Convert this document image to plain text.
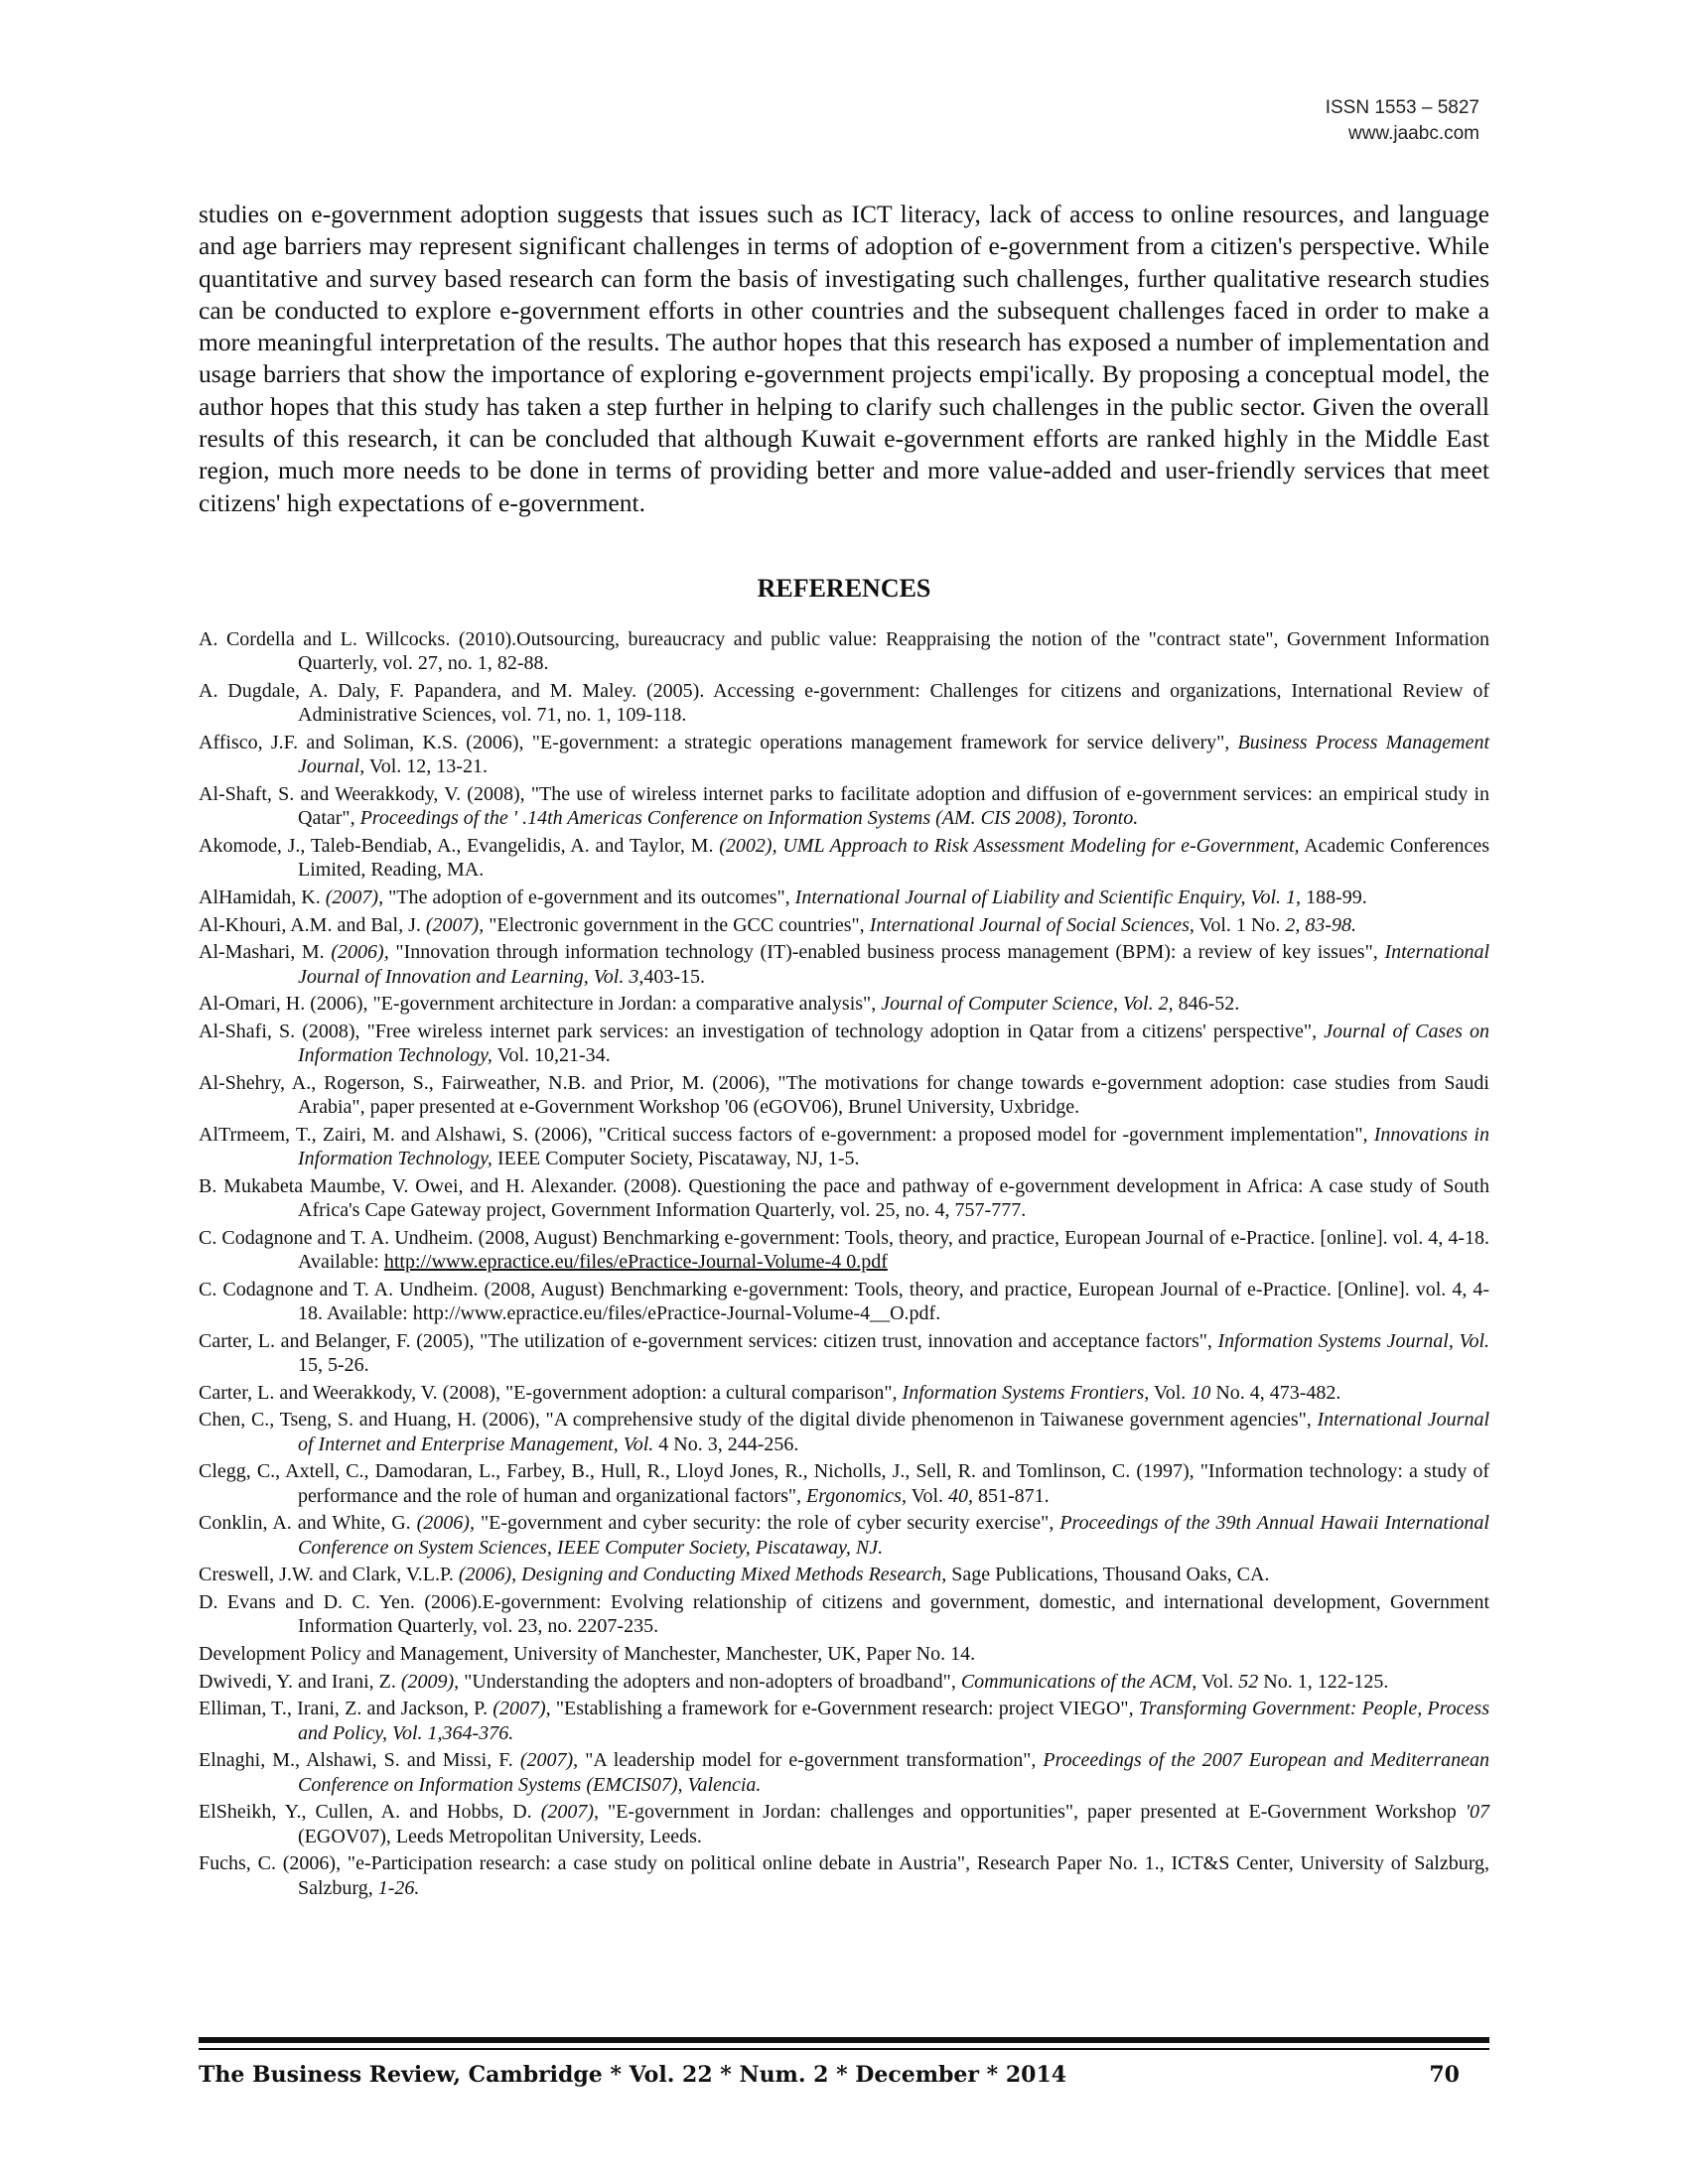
ISSN 1553 – 5827
www.jaabc.com
studies on e-government adoption suggests that issues such as ICT literacy, lack of access to online resources, and language and age barriers may represent significant challenges in terms of adoption of e-government from a citizen's perspective. While quantitative and survey based research can form the basis of investigating such challenges, further qualitative research studies can be conducted to explore e-government efforts in other countries and the subsequent challenges faced in order to make a more meaningful interpretation of the results. The author hopes that this research has exposed a number of implementation and usage barriers that show the importance of exploring e-government projects empi'ically. By proposing a conceptual model, the author hopes that this study has taken a step further in helping to clarify such challenges in the public sector. Given the overall results of this research, it can be concluded that although Kuwait e-government efforts are ranked highly in the Middle East region, much more needs to be done in terms of providing better and more value-added and user-friendly services that meet citizens' high expectations of e-government.
REFERENCES
A. Cordella and L. Willcocks. (2010).Outsourcing, bureaucracy and public value: Reappraising the notion of the "contract state", Government Information Quarterly, vol. 27, no. 1, 82-88.
A. Dugdale, A. Daly, F. Papandera, and M. Maley. (2005). Accessing e-government: Challenges for citizens and organizations, International Review of Administrative Sciences, vol. 71, no. 1, 109-118.
Affisco, J.F. and Soliman, K.S. (2006), "E-government: a strategic operations management framework for service delivery", Business Process Management Journal, Vol. 12, 13-21.
Al-Shaft, S. and Weerakkody, V. (2008), "The use of wireless internet parks to facilitate adoption and diffusion of e-government services: an empirical study in Qatar", Proceedings of the ' .14th Americas Conference on Information Systems (AM. CIS 2008), Toronto.
Akomode, J., Taleb-Bendiab, A., Evangelidis, A. and Taylor, M. (2002), UML Approach to Risk Assessment Modeling for e-Government, Academic Conferences Limited, Reading, MA.
AlHamidah, K. (2007), "The adoption of e-government and its outcomes", International Journal of Liability and Scientific Enquiry, Vol. 1, 188-99.
Al-Khouri, A.M. and Bal, J. (2007), "Electronic government in the GCC countries", International Journal of Social Sciences, Vol. 1 No. 2, 83-98.
Al-Mashari, M. (2006), "Innovation through information technology (IT)-enabled business process management (BPM): a review of key issues", International Journal of Innovation and Learning, Vol. 3,403-15.
Al-Omari, H. (2006), "E-government architecture in Jordan: a comparative analysis", Journal of Computer Science, Vol. 2, 846-52.
Al-Shafi, S. (2008), "Free wireless internet park services: an investigation of technology adoption in Qatar from a citizens' perspective", Journal of Cases on Information Technology, Vol. 10,21-34.
Al-Shehry, A., Rogerson, S., Fairweather, N.B. and Prior, M. (2006), "The motivations for change towards e-government adoption: case studies from Saudi Arabia", paper presented at e-Government Workshop '06 (eGOV06), Brunel University, Uxbridge.
AlTrmeem, T., Zairi, M. and Alshawi, S. (2006), "Critical success factors of e-government: a proposed model for -government implementation", Innovations in Information Technology, IEEE Computer Society, Piscataway, NJ, 1-5.
B. Mukabeta Maumbe, V. Owei, and H. Alexander. (2008). Questioning the pace and pathway of e-government development in Africa: A case study of South Africa's Cape Gateway project, Government Information Quarterly, vol. 25, no. 4, 757-777.
C. Codagnone and T. A. Undheim. (2008, August) Benchmarking e-government: Tools, theory, and practice, European Journal of e-Practice. [online]. vol. 4, 4-18. Available: http://www.epractice.eu/files/ePractice-Journal-Volume-4 0.pdf
C. Codagnone and T. A. Undheim. (2008, August) Benchmarking e-government: Tools, theory, and practice, European Journal of e-Practice. [Online]. vol. 4, 4-18. Available: http://www.epractice.eu/files/ePractice-Journal-Volume-4__O.pdf.
Carter, L. and Belanger, F. (2005), "The utilization of e-government services: citizen trust, innovation and acceptance factors", Information Systems Journal, Vol. 15, 5-26.
Carter, L. and Weerakkody, V. (2008), "E-government adoption: a cultural comparison", Information Systems Frontiers, Vol. 10 No. 4, 473-482.
Chen, C., Tseng, S. and Huang, H. (2006), "A comprehensive study of the digital divide phenomenon in Taiwanese government agencies", International Journal of Internet and Enterprise Management, Vol. 4 No. 3, 244-256.
Clegg, C., Axtell, C., Damodaran, L., Farbey, B., Hull, R., Lloyd Jones, R., Nicholls, J., Sell, R. and Tomlinson, C. (1997), "Information technology: a study of performance and the role of human and organizational factors", Ergonomics, Vol. 40, 851-871.
Conklin, A. and White, G. (2006), "E-government and cyber security: the role of cyber security exercise", Proceedings of the 39th Annual Hawaii International Conference on System Sciences, IEEE Computer Society, Piscataway, NJ.
Creswell, J.W. and Clark, V.L.P. (2006), Designing and Conducting Mixed Methods Research, Sage Publications, Thousand Oaks, CA.
D. Evans and D. C. Yen. (2006).E-government: Evolving relationship of citizens and government, domestic, and international development, Government Information Quarterly, vol. 23, no. 2207-235.
Development Policy and Management, University of Manchester, Manchester, UK, Paper No. 14.
Dwivedi, Y. and Irani, Z. (2009), "Understanding the adopters and non-adopters of broadband", Communications of the ACM, Vol. 52 No. 1, 122-125.
Elliman, T., Irani, Z. and Jackson, P. (2007), "Establishing a framework for e-Government research: project VIEGO", Transforming Government: People, Process and Policy, Vol. 1,364-376.
Elnaghi, M., Alshawi, S. and Missi, F. (2007), "A leadership model for e-government transformation", Proceedings of the 2007 European and Mediterranean Conference on Information Systems (EMCIS07), Valencia.
ElSheikh, Y., Cullen, A. and Hobbs, D. (2007), "E-government in Jordan: challenges and opportunities", paper presented at E-Government Workshop '07 (EGOV07), Leeds Metropolitan University, Leeds.
Fuchs, C. (2006), "e-Participation research: a case study on political online debate in Austria", Research Paper No. 1., ICT&S Center, University of Salzburg, Salzburg, 1-26.
The Business Review, Cambridge * Vol. 22 * Num. 2 * December * 2014	70
